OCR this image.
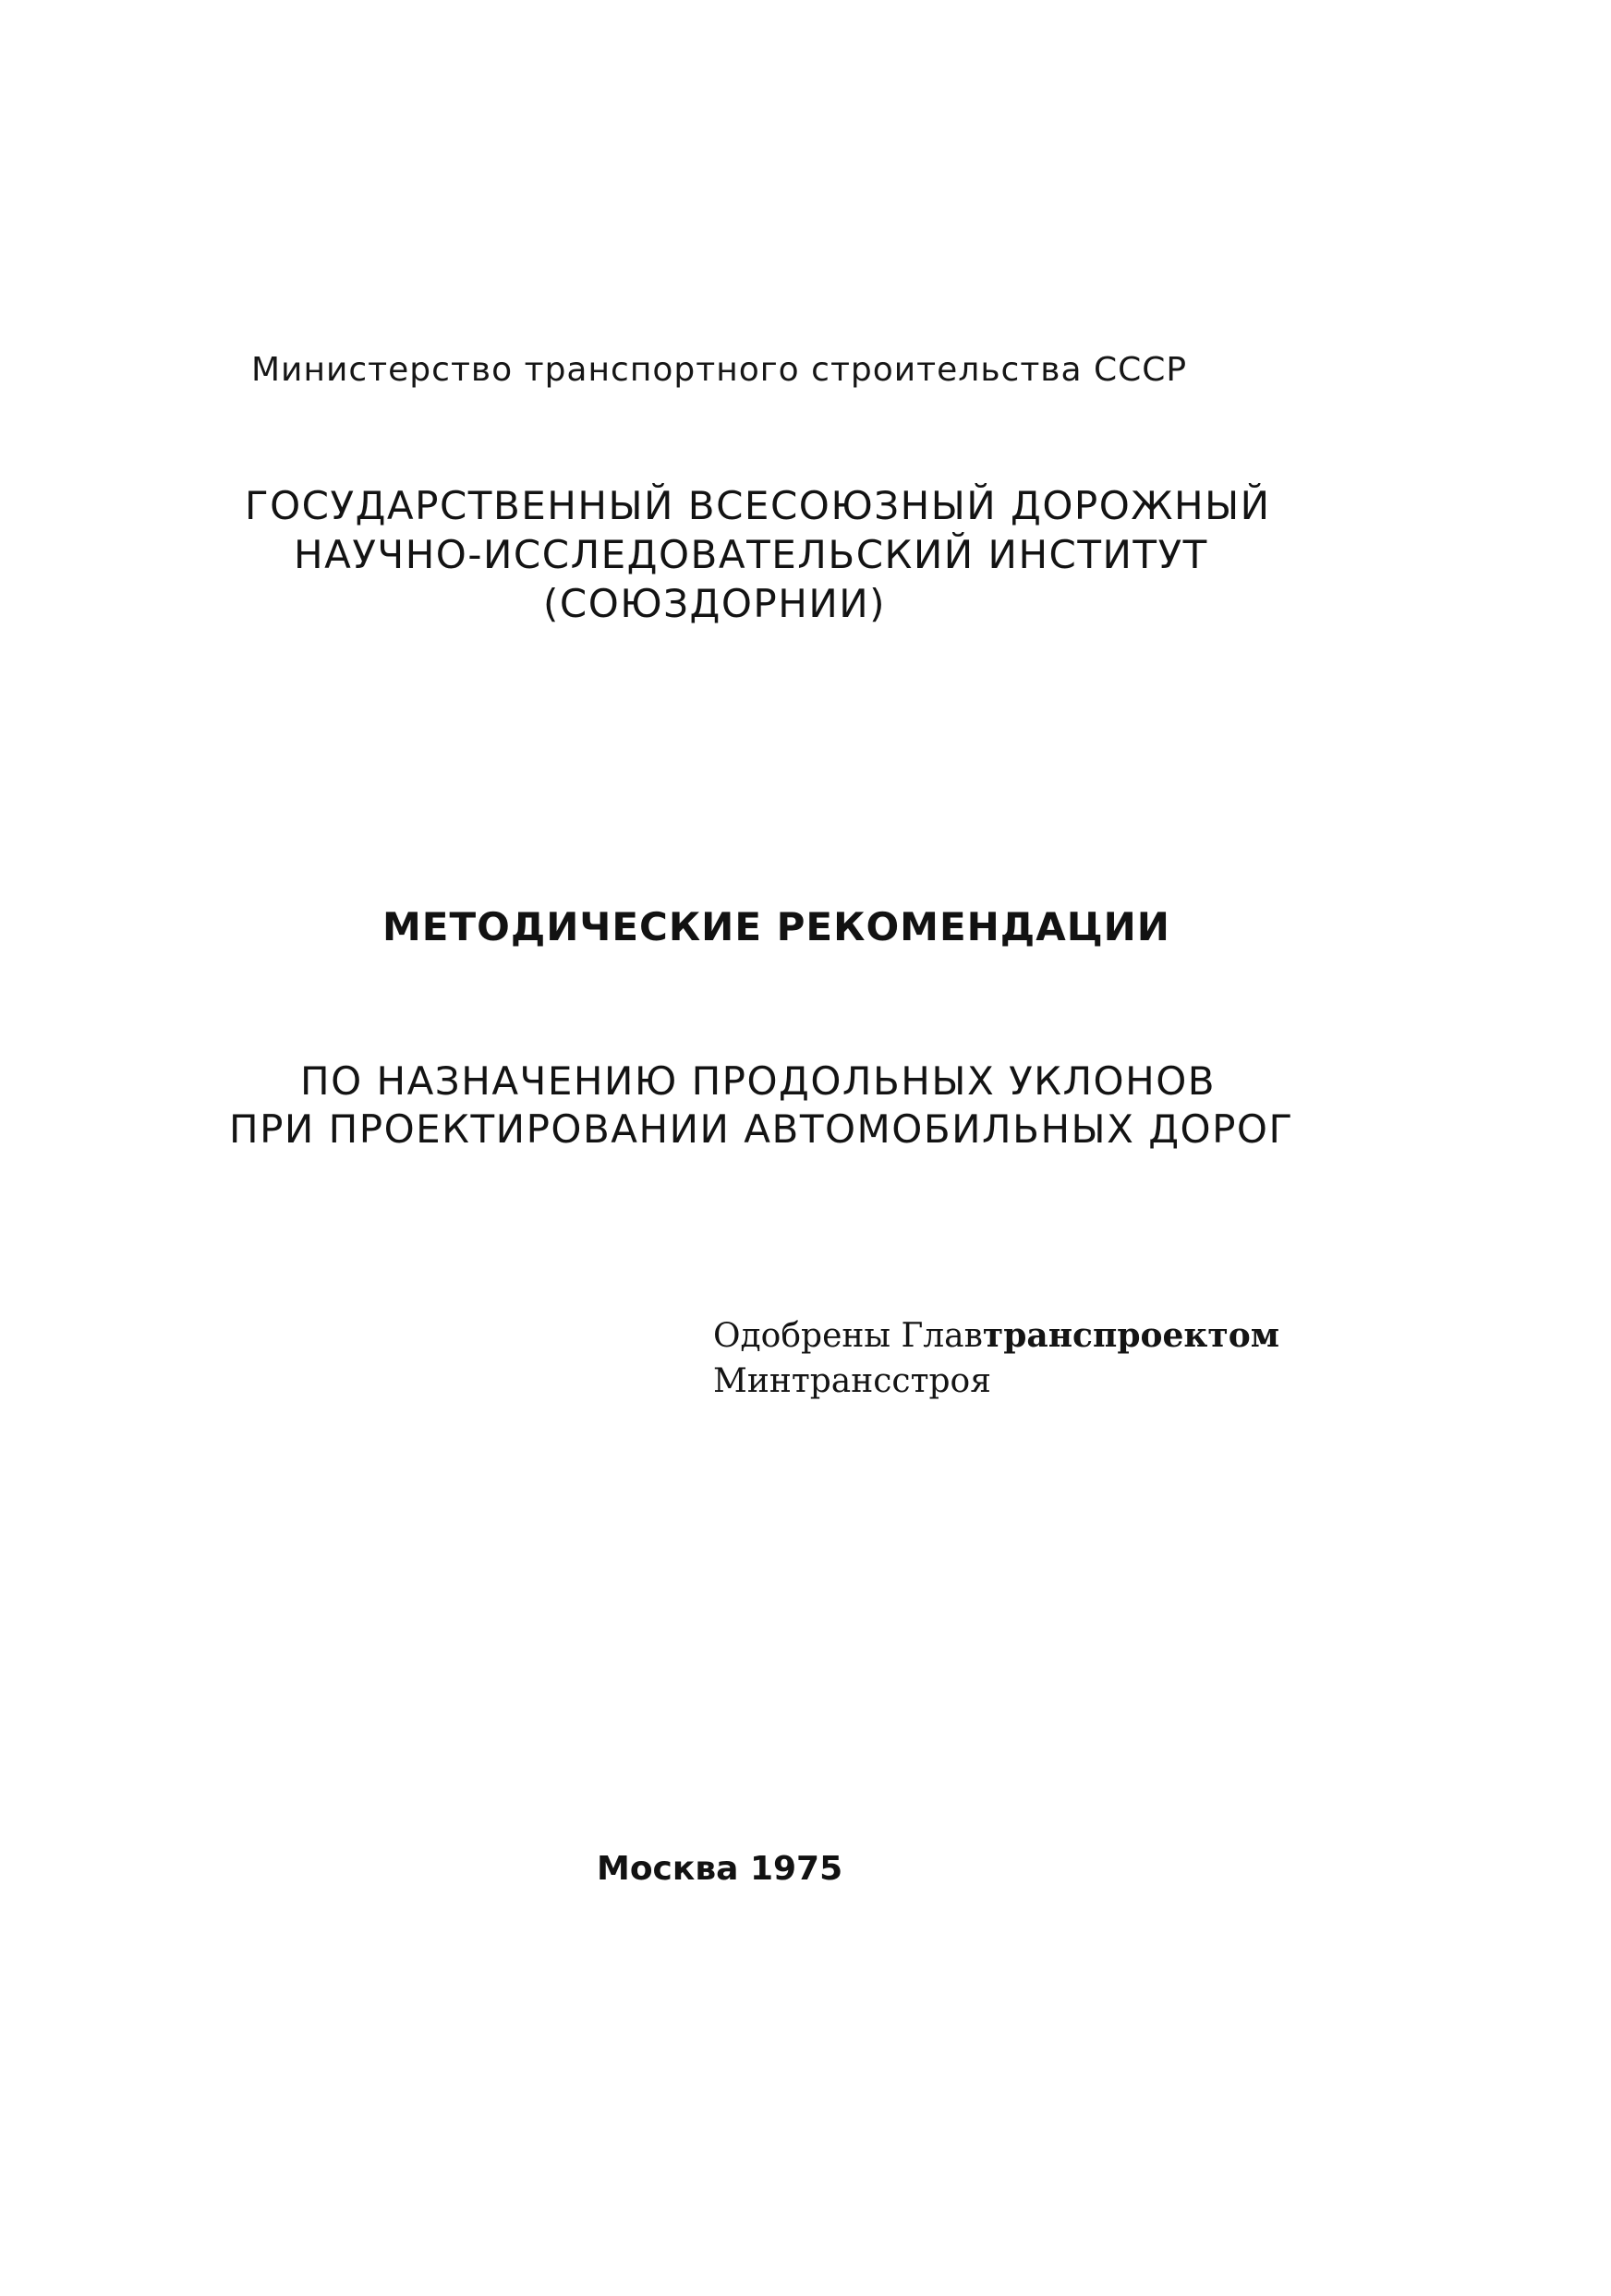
Министерство транспортного строительства СССР
ГОСУДАРСТВЕННЫЙ ВСЕСОЮЗНЫЙ ДОРОЖНЫЙ
НАУЧНО-ИССЛЕДОВАТЕЛЬСКИЙ ИНСТИТУТ
(СОЮЗДОРНИИ)
МЕТОДИЧЕСКИЕ РЕКОМЕНДАЦИИ
ПО НАЗНАЧЕНИЮ ПРОДОЛЬНЫХ УКЛОНОВ
ПРИ ПРОЕКТИРОВАНИИ АВТОМОБИЛЬНЫХ ДОРОГ
Одобрены Главтранспроектом
Минтрансстроя
Москва 1975
